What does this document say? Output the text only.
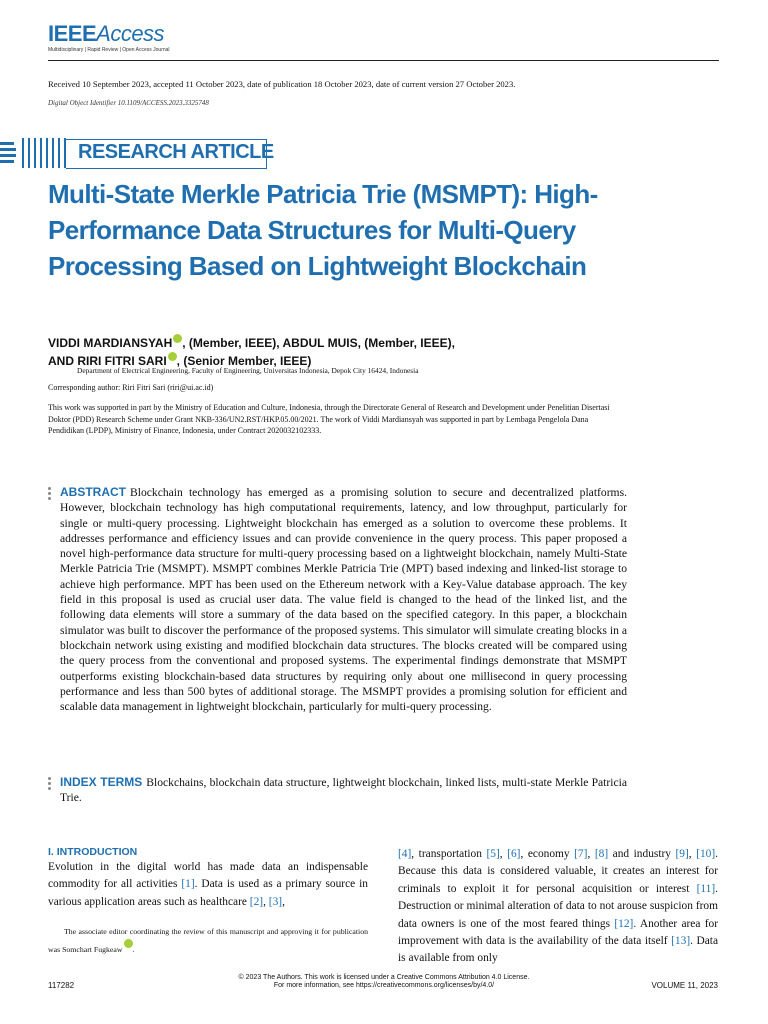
IEEEAccess
Multidisciplinary | Rapid Review | Open Access Journal
Received 10 September 2023, accepted 11 October 2023, date of publication 18 October 2023, date of current version 27 October 2023.
Digital Object Identifier 10.1109/ACCESS.2023.3325748
RESEARCH ARTICLE
Multi-State Merkle Patricia Trie (MSMPT): High-Performance Data Structures for Multi-Query Processing Based on Lightweight Blockchain
VIDDI MARDIANSYAH , (Member, IEEE), ABDUL MUIS, (Member, IEEE),
AND RIRI FITRI SARI , (Senior Member, IEEE)
Department of Electrical Engineering, Faculty of Engineering, Universitas Indonesia, Depok City 16424, Indonesia
Corresponding author: Riri Fitri Sari (riri@ui.ac.id)
This work was supported in part by the Ministry of Education and Culture, Indonesia, through the Directorate General of Research and Development under Penelitian Disertasi Doktor (PDD) Research Scheme under Grant NKB-336/UN2.RST/HKP.05.00/2021. The work of Viddi Mardiansyah was supported in part by Lembaga Pengelola Dana Pendidikan (LPDP), Ministry of Finance, Indonesia, under Contract 2020032102333.
ABSTRACT Blockchain technology has emerged as a promising solution to secure and decentralized platforms. However, blockchain technology has high computational requirements, latency, and low throughput, particularly for single or multi-query processing. Lightweight blockchain has emerged as a solution to overcome these problems. It addresses performance and efficiency issues and can provide convenience in the query process. This paper proposed a novel high-performance data structure for multi-query processing based on a lightweight blockchain, namely Multi-State Merkle Patricia Trie (MSMPT). MSMPT combines Merkle Patricia Trie (MPT) based indexing and linked-list storage to achieve high performance. MPT has been used on the Ethereum network with a Key-Value database approach. The key field in this proposal is used as crucial user data. The value field is changed to the head of the linked list, and the following data elements will store a summary of the data based on the specified category. In this paper, a blockchain simulator was built to discover the performance of the proposed systems. This simulator will simulate creating blocks in a blockchain network using existing and modified blockchain data structures. The blocks created will be compared using the query process from the conventional and proposed systems. The experimental findings demonstrate that MSMPT outperforms existing blockchain-based data structures by requiring only about one millisecond in query processing performance and less than 500 bytes of additional storage. The MSMPT provides a promising solution for efficient and scalable data management in lightweight blockchain, particularly for multi-query processing.
INDEX TERMS Blockchains, blockchain data structure, lightweight blockchain, linked lists, multi-state Merkle Patricia Trie.
I. INTRODUCTION
Evolution in the digital world has made data an indispensable commodity for all activities [1]. Data is used as a primary source in various application areas such as healthcare [2], [3],
The associate editor coordinating the review of this manuscript and approving it for publication was Somchart Fugkeaw .
[4], transportation [5], [6], economy [7], [8] and industry [9], [10]. Because this data is considered valuable, it creates an interest for criminals to exploit it for personal acquisition or interest [11]. Destruction or minimal alteration of data to not arouse suspicion from data owners is one of the most feared things [12]. Another area for improvement with data is the availability of the data itself [13]. Data is available from only
© 2023 The Authors. This work is licensed under a Creative Commons Attribution 4.0 License.
For more information, see https://creativecommons.org/licenses/by/4.0/
117282	VOLUME 11, 2023
